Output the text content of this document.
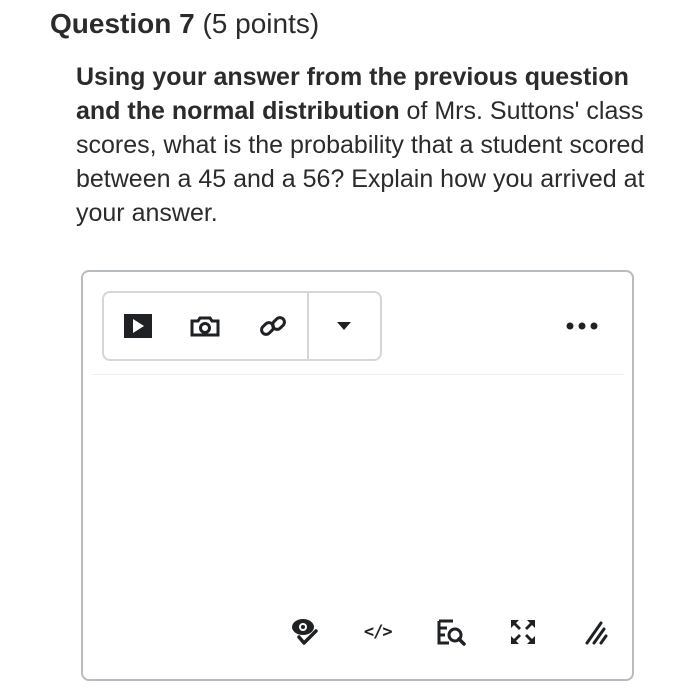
Question 7 (5 points)
Using your answer from the previous question and the normal distribution of Mrs. Suttons' class scores, what is the probability that a student scored between a 45 and a 56? Explain how you arrived at your answer.
</>
